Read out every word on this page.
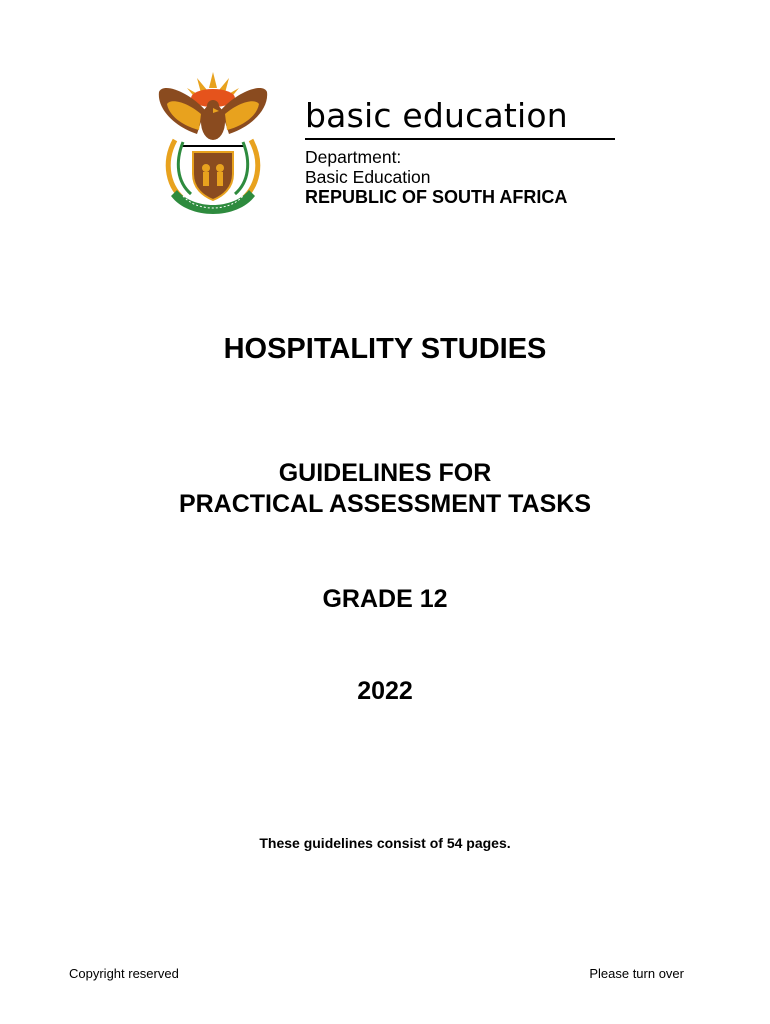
basic education
Department:
Basic Education
REPUBLIC OF SOUTH AFRICA
HOSPITALITY STUDIES
GUIDELINES FOR
PRACTICAL ASSESSMENT TASKS
GRADE 12
2022
These guidelines consist of 54 pages.
Copyright reserved	Please turn over
